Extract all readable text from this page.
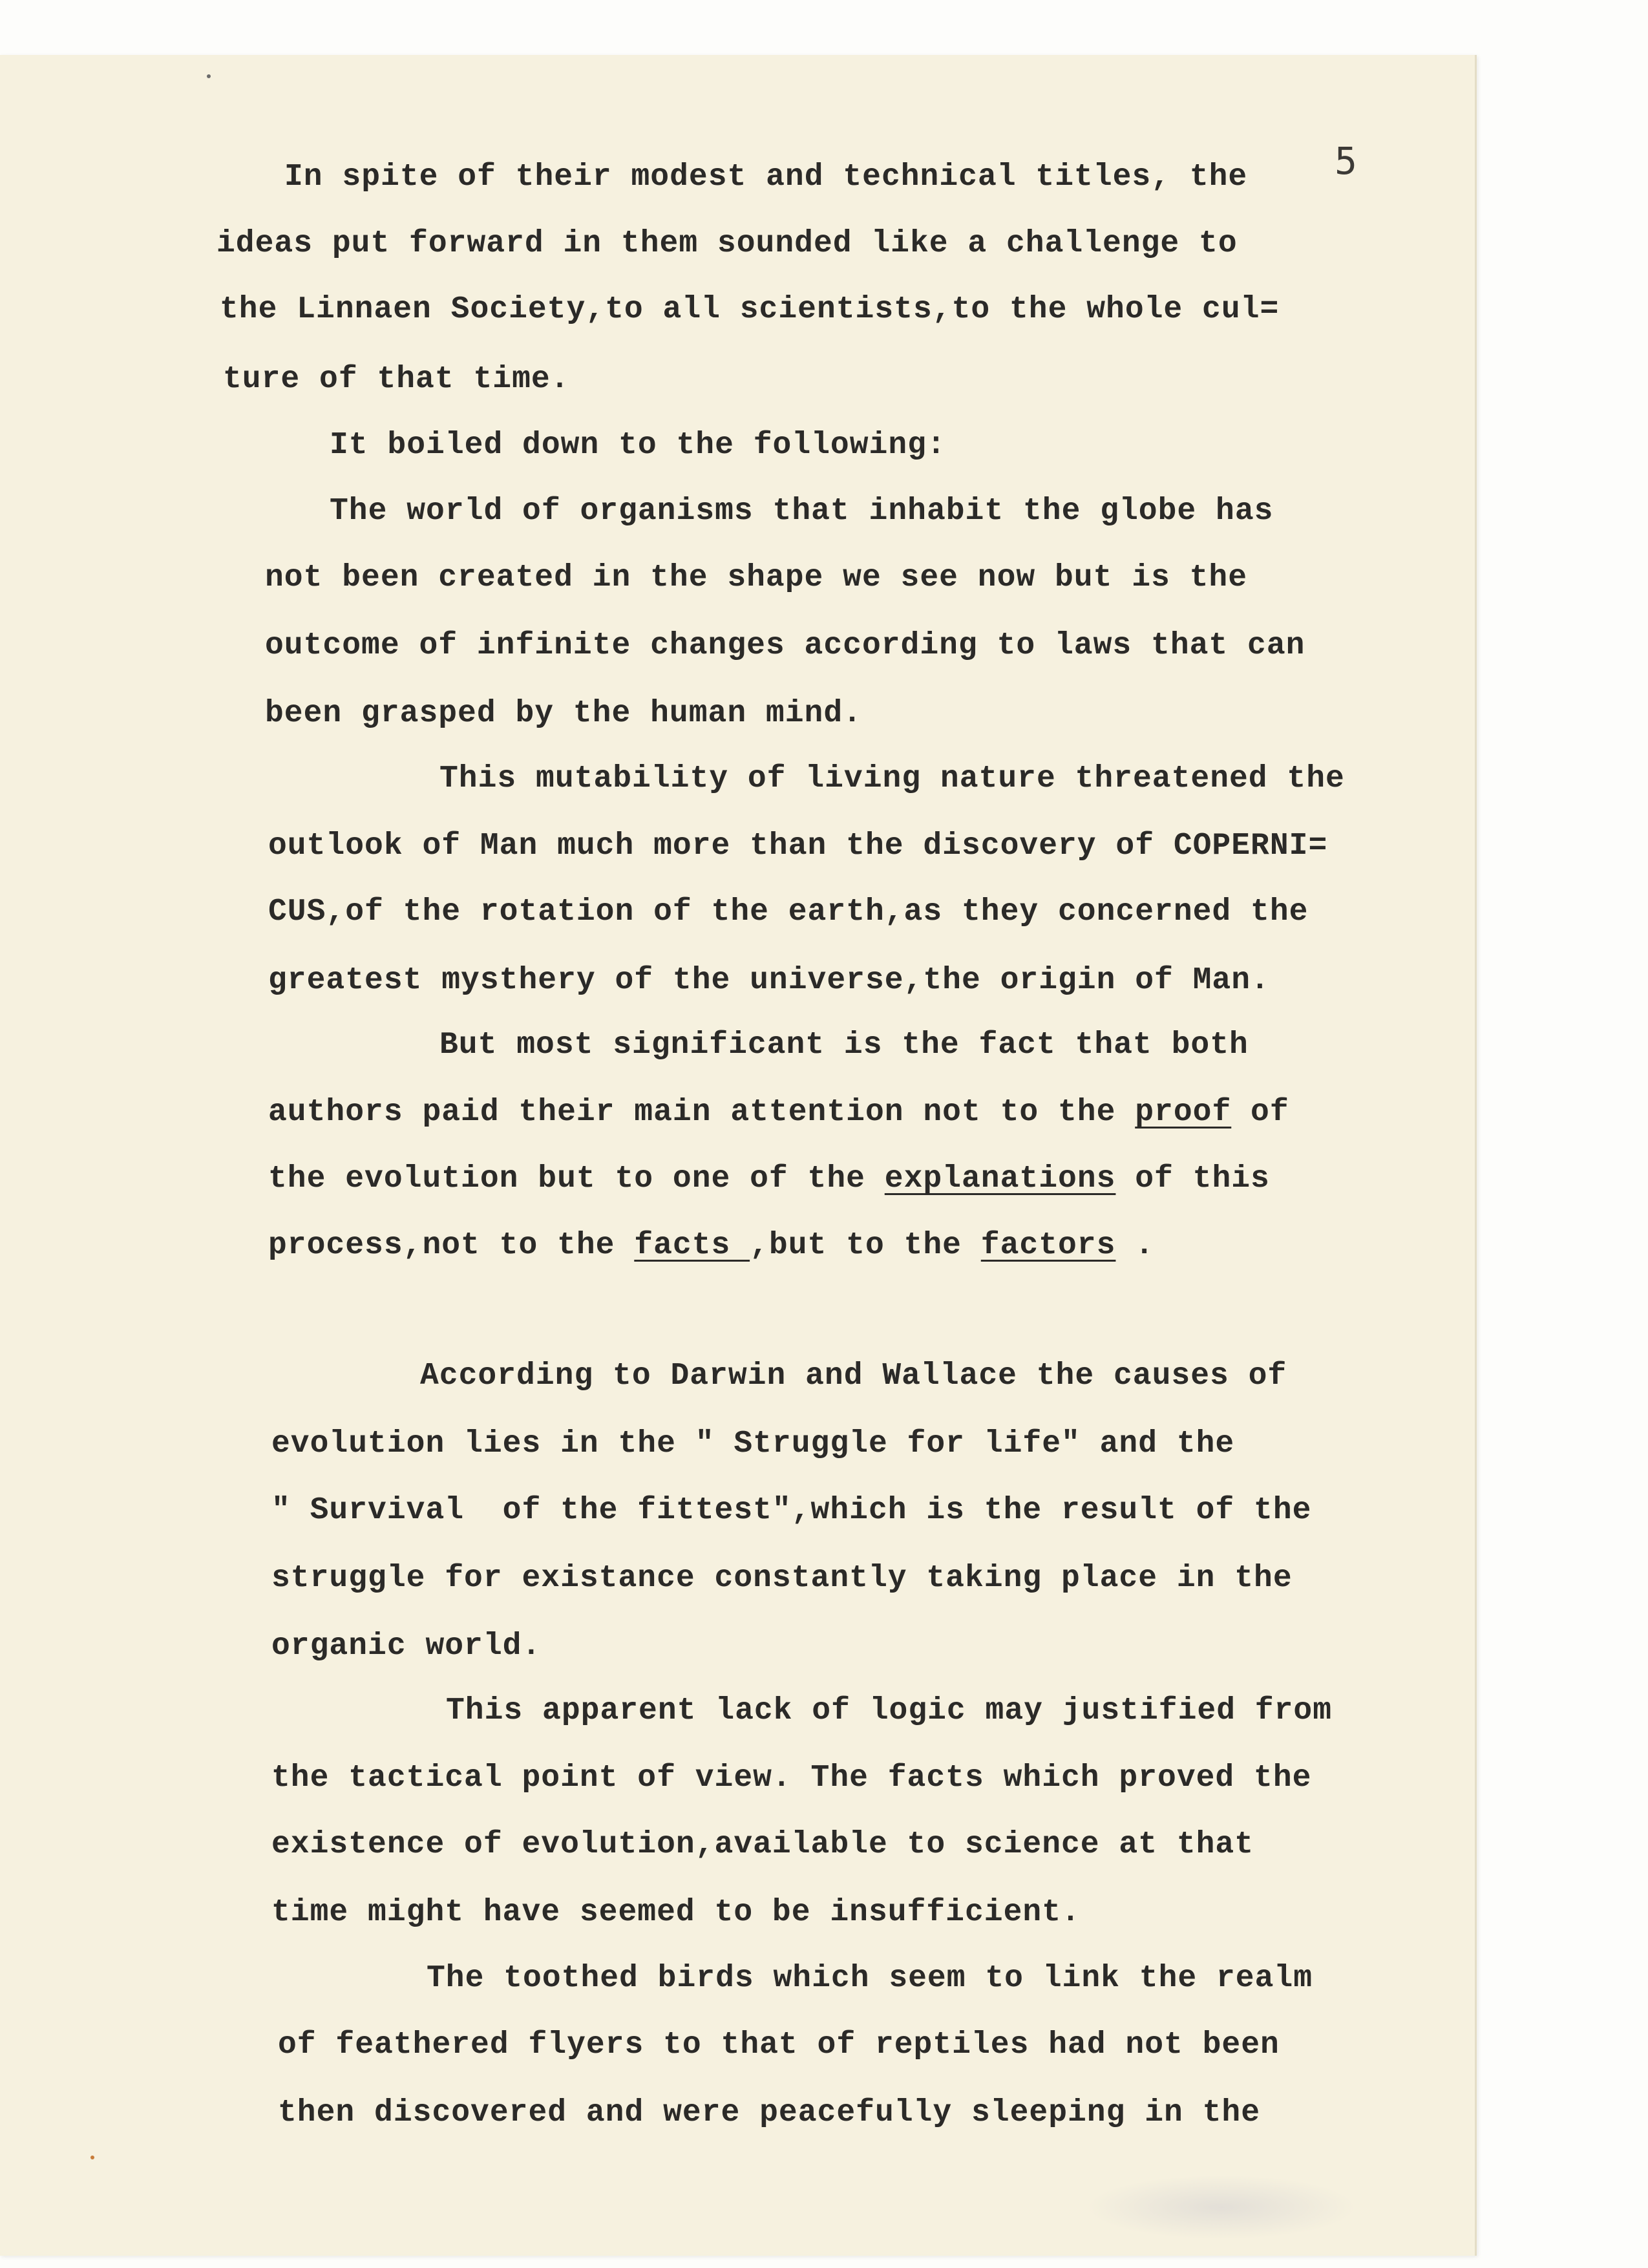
5
In spite of their modest and technical titles, the
ideas put forward in them sounded like a challenge to
the Linnaen Society,to all scientists,to the whole cul=
ture of that time.
It boiled down to the following:
The world of organisms that inhabit the globe has
not been created in the shape we see now but is the
outcome of infinite changes according to laws that can
been grasped by the human mind.
This mutability of living nature threatened the
outlook of Man much more than the discovery of COPERNI=
CUS,of the rotation of the earth,as they concerned the
greatest mysthery of the universe,the origin of Man.
But most significant is the fact that both
authors paid their main attention not to the proof of
the evolution but to one of the explanations of this
process,not to the facts ,but to the factors .
According to Darwin and Wallace the causes of
evolution lies in the " Struggle for life" and the
" Survival  of the fittest",which is the result of the
struggle for existance constantly taking place in the
organic world.
This apparent lack of logic may justified from
the tactical point of view. The facts which proved the
existence of evolution,available to science at that
time might have seemed to be insufficient.
The toothed birds which seem to link the realm
of feathered flyers to that of reptiles had not been
then discovered and were peacefully sleeping in the
